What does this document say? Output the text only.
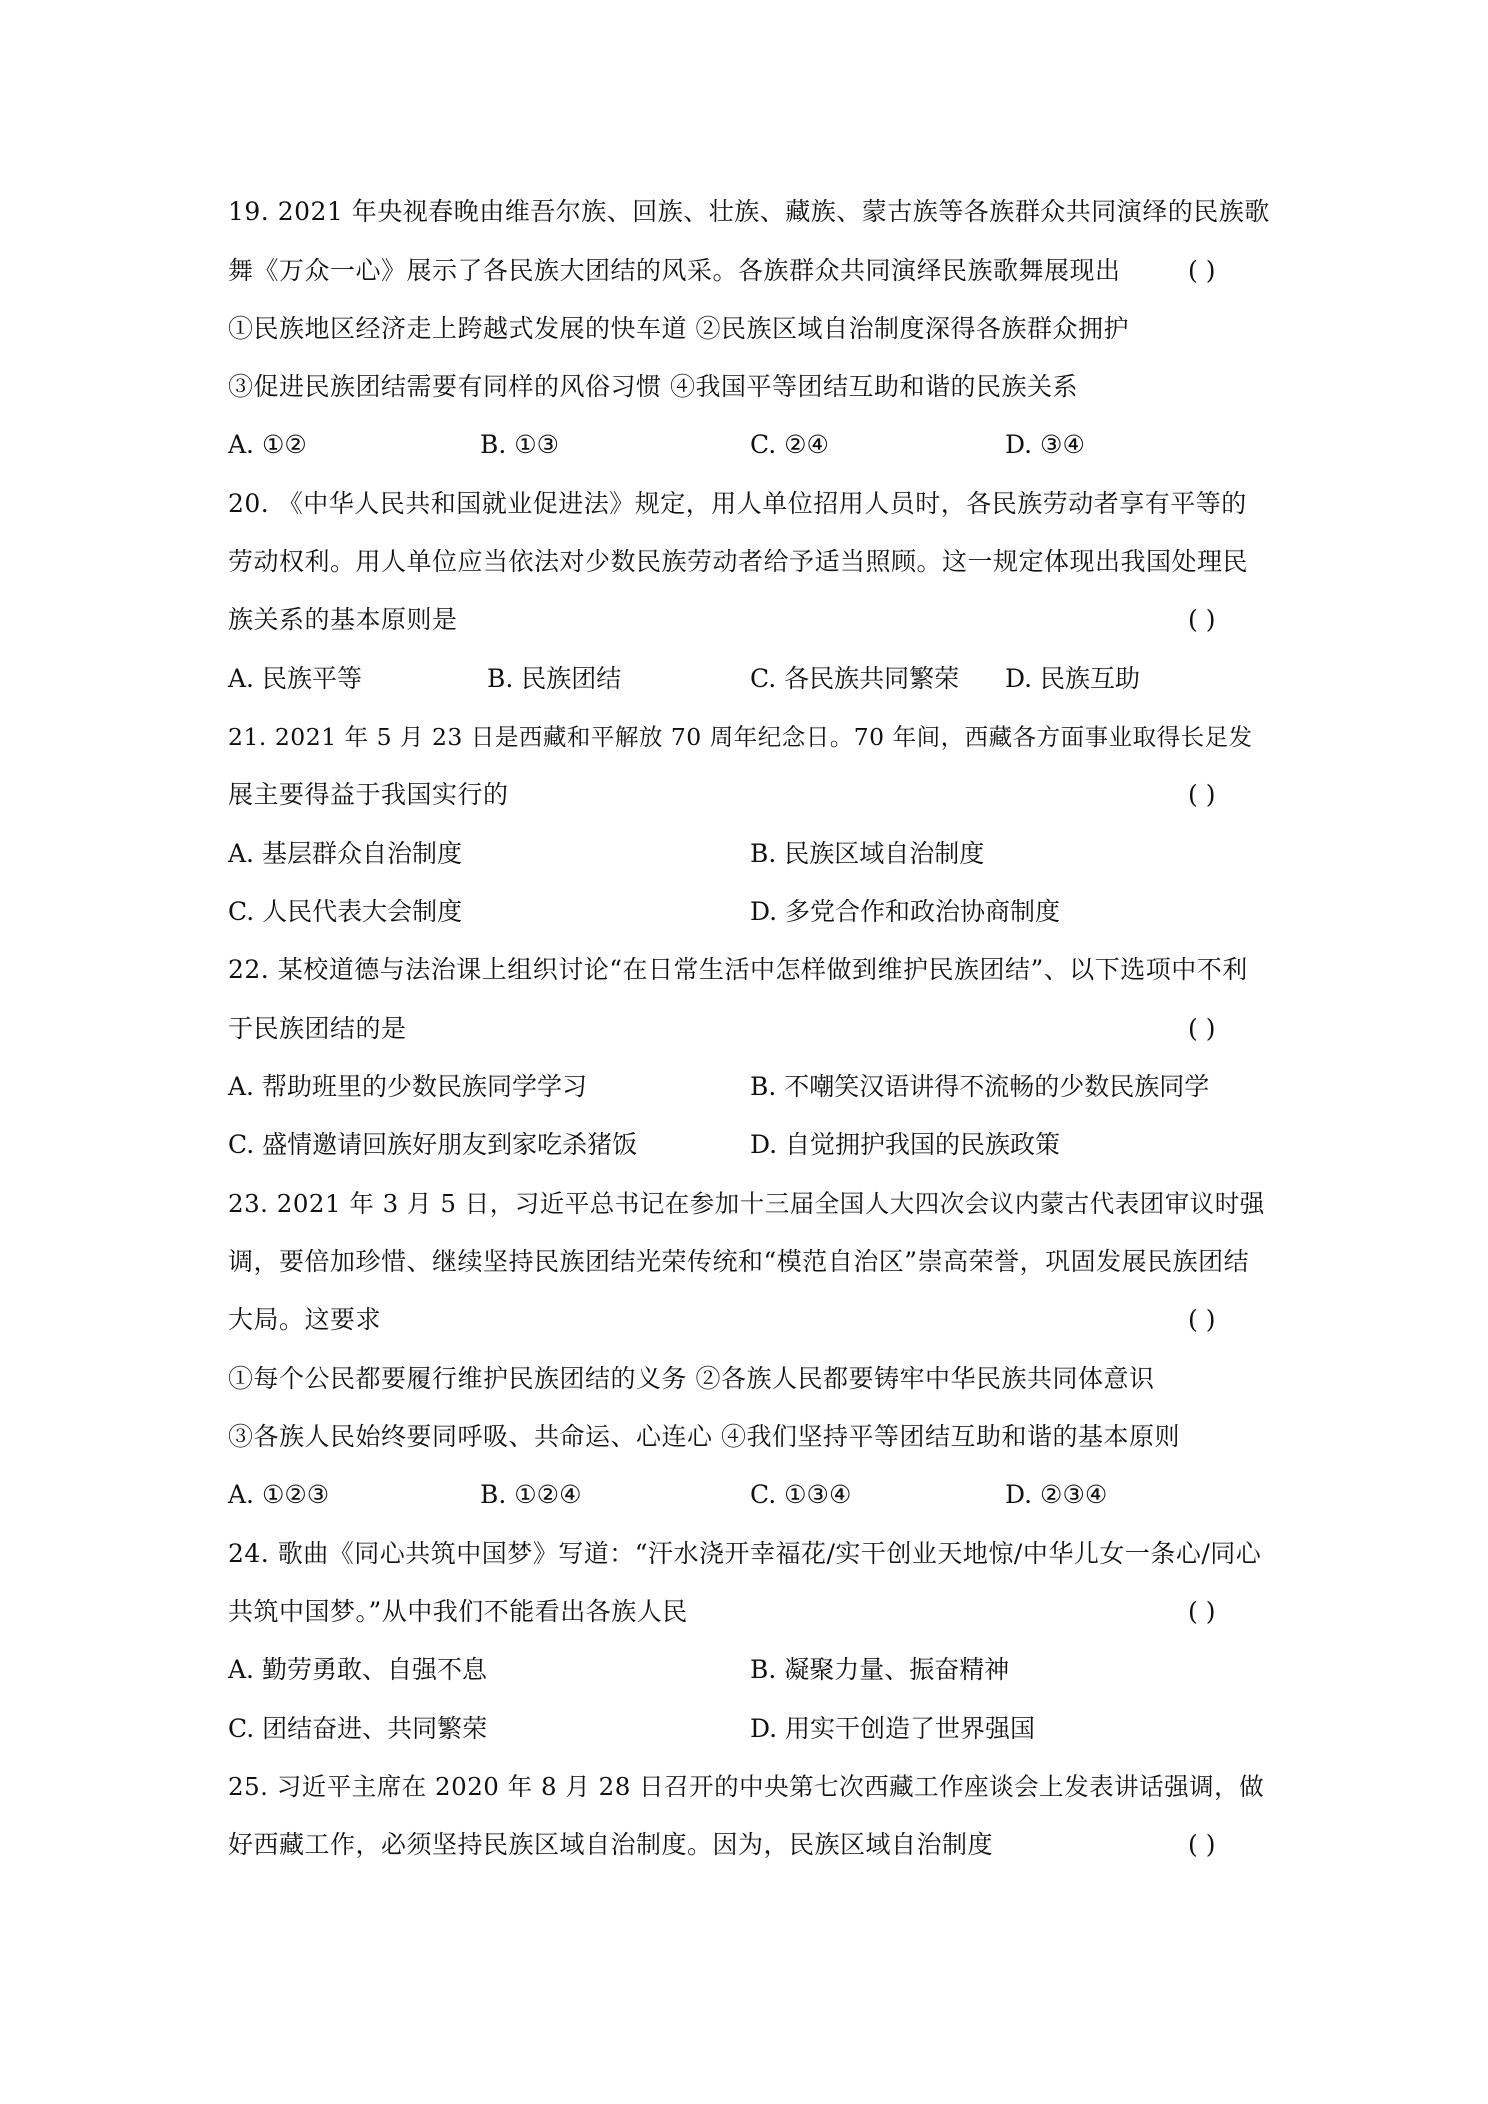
19. 2021 年央视春晚由维吾尔族、回族、壮族、藏族、蒙古族等各族群众共同演绎的民族歌
舞《万众一心》展示了各民族大团结的风采。各族群众共同演绎民族歌舞展现出	( )
①民族地区经济走上跨越式发展的快车道 ②民族区域自治制度深得各族群众拥护
③促进民族团结需要有同样的风俗习惯 ④我国平等团结互助和谐的民族关系
A. ①②	B. ①③	C. ②④	D. ③④
20. 《中华人民共和国就业促进法》规定，用人单位招用人员时，各民族劳动者享有平等的
劳动权利。用人单位应当依法对少数民族劳动者给予适当照顾。这一规定体现出我国处理民
族关系的基本原则是	( )
A. 民族平等	B. 民族团结	C. 各民族共同繁荣 D. 民族互助
21. 2021 年 5 月 23 日是西藏和平解放 70 周年纪念日。70 年间，西藏各方面事业取得长足发
展主要得益于我国实行的	( )
A. 基层群众自治制度	B. 民族区域自治制度
C. 人民代表大会制度	D. 多党合作和政治协商制度
22. 某校道德与法治课上组织讨论“在日常生活中怎样做到维护民族团结”、以下选项中不利
于民族团结的是	( )
A. 帮助班里的少数民族同学学习	B. 不嘲笑汉语讲得不流畅的少数民族同学
C. 盛情邀请回族好朋友到家吃杀猪饭	D. 自觉拥护我国的民族政策
23. 2021 年 3 月 5 日，习近平总书记在参加十三届全国人大四次会议内蒙古代表团审议时强
调，要倍加珍惜、继续坚持民族团结光荣传统和“模范自治区”崇高荣誉，巩固发展民族团结
大局。这要求	( )
①每个公民都要履行维护民族团结的义务 ②各族人民都要铸牢中华民族共同体意识
③各族人民始终要同呼吸、共命运、心连心 ④我们坚持平等团结互助和谐的基本原则
A. ①②③	B. ①②④	C. ①③④	D. ②③④
24. 歌曲《同心共筑中国梦》写道：“汗水浇开幸福花/实干创业天地惊/中华儿女一条心/同心
共筑中国梦。”从中我们不能看出各族人民	( )
A. 勤劳勇敢、自强不息	B. 凝聚力量、振奋精神
C. 团结奋进、共同繁荣	D. 用实干创造了世界强国
25. 习近平主席在 2020 年 8 月 28 日召开的中央第七次西藏工作座谈会上发表讲话强调，做
好西藏工作，必须坚持民族区域自治制度。因为，民族区域自治制度	( )
